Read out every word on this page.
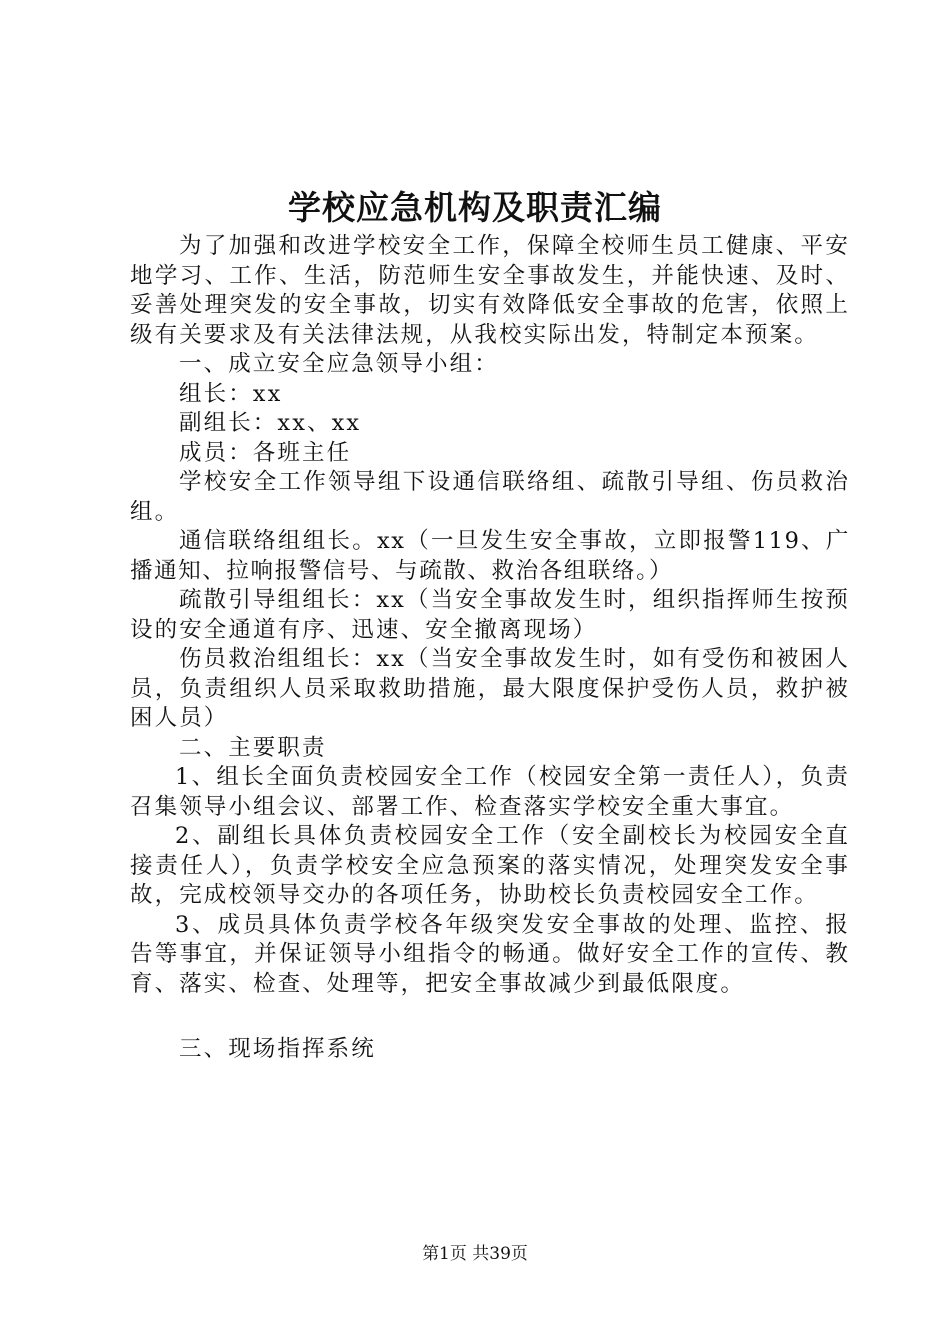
学校应急机构及职责汇编

为了加强和改进学校安全工作，保障全校师生员工健康、平安地学习、工作、生活，防范师生安全事故发生，并能快速、及时、妥善处理突发的安全事故，切实有效降低安全事故的危害，依照上级有关要求及有关法律法规，从我校实际出发，特制定本预案。

一、成立安全应急领导小组：

组长：xx

副组长：xx、xx

成员：各班主任

学校安全工作领导组下设通信联络组、疏散引导组、伤员救治组。

通信联络组组长。xx（一旦发生安全事故，立即报警119、广播通知、拉响报警信号、与疏散、救治各组联络。）

疏散引导组组长：xx（当安全事故发生时，组织指挥师生按预设的安全通道有序、迅速、安全撤离现场）

伤员救治组组长：xx（当安全事故发生时，如有受伤和被困人员，负责组织人员采取救助措施，最大限度保护受伤人员，救护被困人员）

二、主要职责

1、组长全面负责校园安全工作（校园安全第一责任人），负责召集领导小组会议、部署工作、检查落实学校安全重大事宜。

2、副组长具体负责校园安全工作（安全副校长为校园安全直接责任人），负责学校安全应急预案的落实情况，处理突发安全事故，完成校领导交办的各项任务，协助校长负责校园安全工作。

3、成员具体负责学校各年级突发安全事故的处理、监控、报告等事宜，并保证领导小组指令的畅通。做好安全工作的宣传、教育、落实、检查、处理等，把安全事故减少到最低限度。

三、现场指挥系统

第1页 共39页
